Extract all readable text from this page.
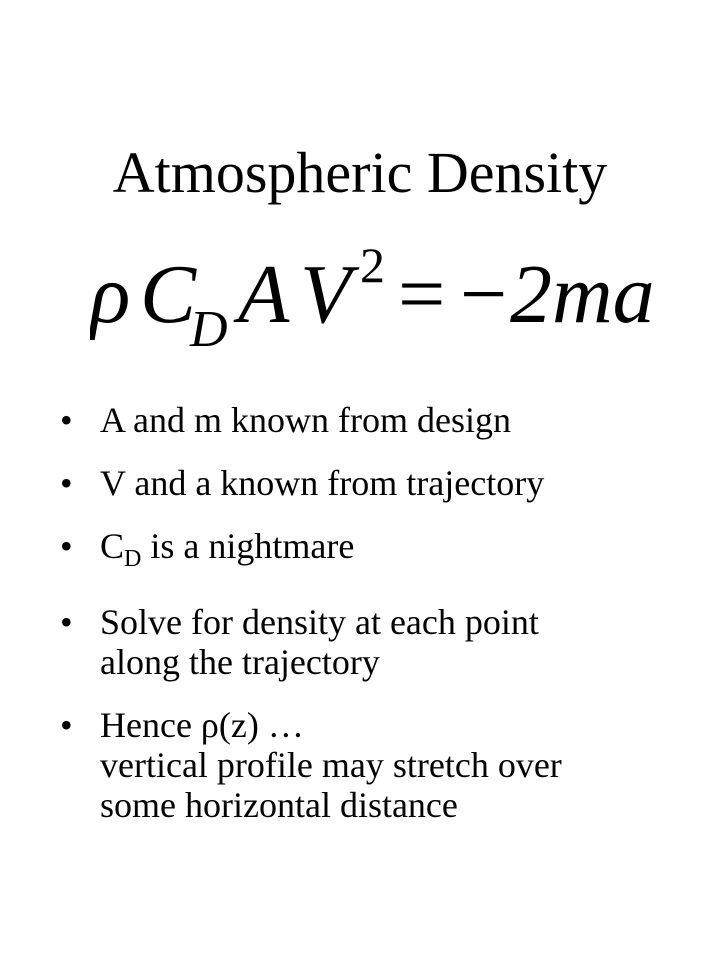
Atmospheric Density
ρ C
D A V 2 = − 2ma
• A and m known from design
• V and a known from trajectory
• $C_D$ is a nightmare
• Solve for density at each point
along the trajectory
• Hence ρ(z) …
vertical profile may stretch over
some horizontal distance
